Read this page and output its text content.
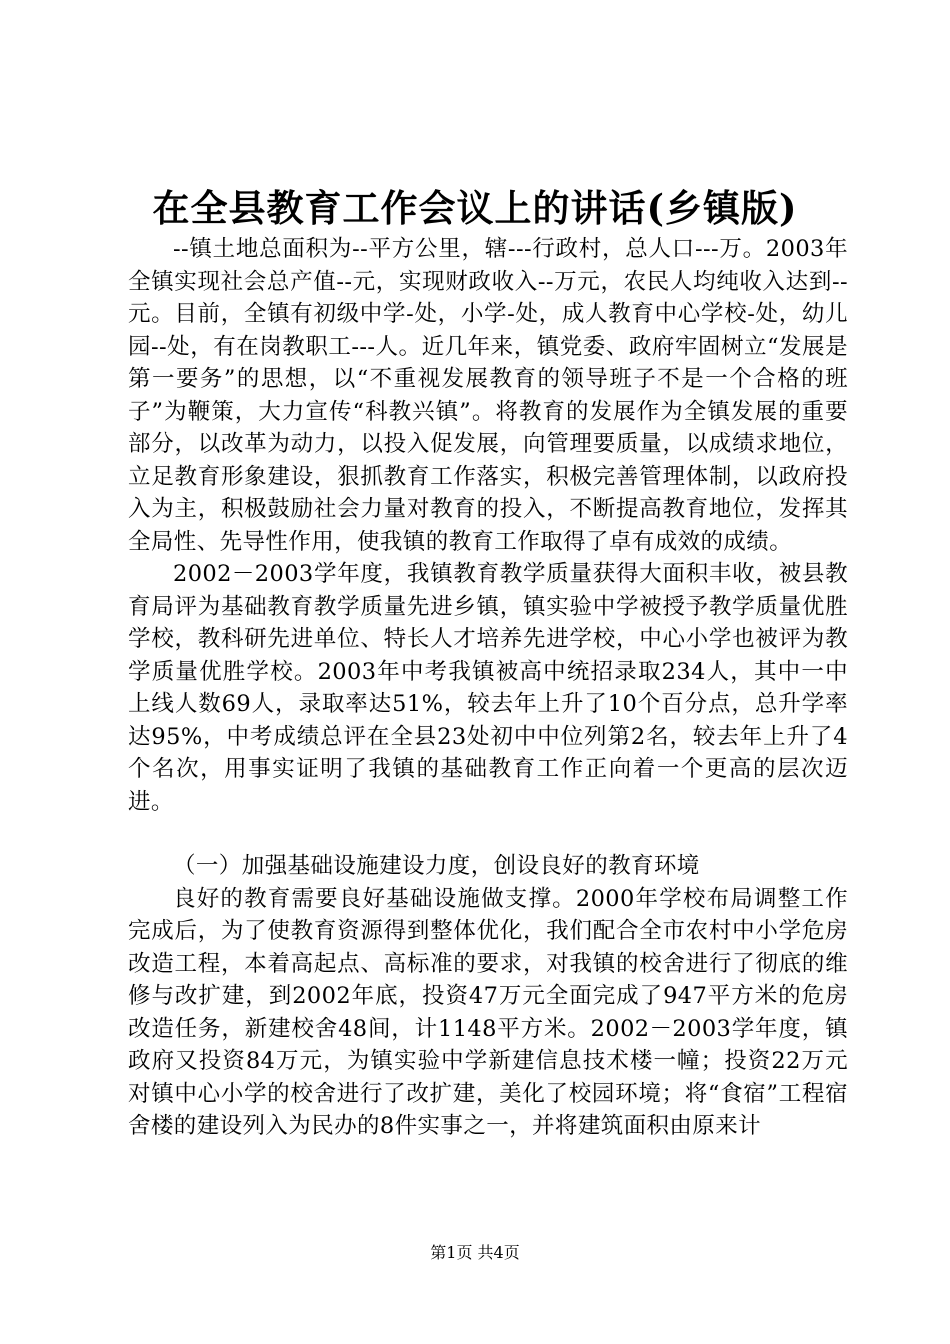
在全县教育工作会议上的讲话(乡镇版)

--镇土地总面积为--平方公里，辖---行政村，总人口---万。2003年全镇实现社会总产值--元，实现财政收入--万元，农民人均纯收入达到--元。目前，全镇有初级中学-处，小学-处，成人教育中心学校-处，幼儿园--处，有在岗教职工---人。近几年来，镇党委、政府牢固树立“发展是第一要务”的思想，以“不重视发展教育的领导班子不是一个合格的班子”为鞭策，大力宣传“科教兴镇”。将教育的发展作为全镇发展的重要部分，以改革为动力，以投入促发展，向管理要质量，以成绩求地位，立足教育形象建设，狠抓教育工作落实，积极完善管理体制，以政府投入为主，积极鼓励社会力量对教育的投入，不断提高教育地位，发挥其全局性、先导性作用，使我镇的教育工作取得了卓有成效的成绩。

2002－2003学年度，我镇教育教学质量获得大面积丰收，被县教育局评为基础教育教学质量先进乡镇，镇实验中学被授予教学质量优胜学校，教科研先进单位、特长人才培养先进学校，中心小学也被评为教学质量优胜学校。2003年中考我镇被高中统招录取234人，其中一中上线人数69人，录取率达51%，较去年上升了10个百分点，总升学率达95%，中考成绩总评在全县23处初中中位列第2名，较去年上升了4个名次，用事实证明了我镇的基础教育工作正向着一个更高的层次迈进。

（一）加强基础设施建设力度，创设良好的教育环境

良好的教育需要良好基础设施做支撑。2000年学校布局调整工作完成后，为了使教育资源得到整体优化，我们配合全市农村中小学危房改造工程，本着高起点、高标准的要求，对我镇的校舍进行了彻底的维修与改扩建，到2002年底，投资47万元全面完成了947平方米的危房改造任务，新建校舍48间，计1148平方米。2002－2003学年度，镇政府又投资84万元，为镇实验中学新建信息技术楼一幢；投资22万元对镇中心小学的校舍进行了改扩建，美化了校园环境；将“食宿”工程宿舍楼的建设列入为民办的8件实事之一，并将建筑面积由原来计

第1页 共4页
